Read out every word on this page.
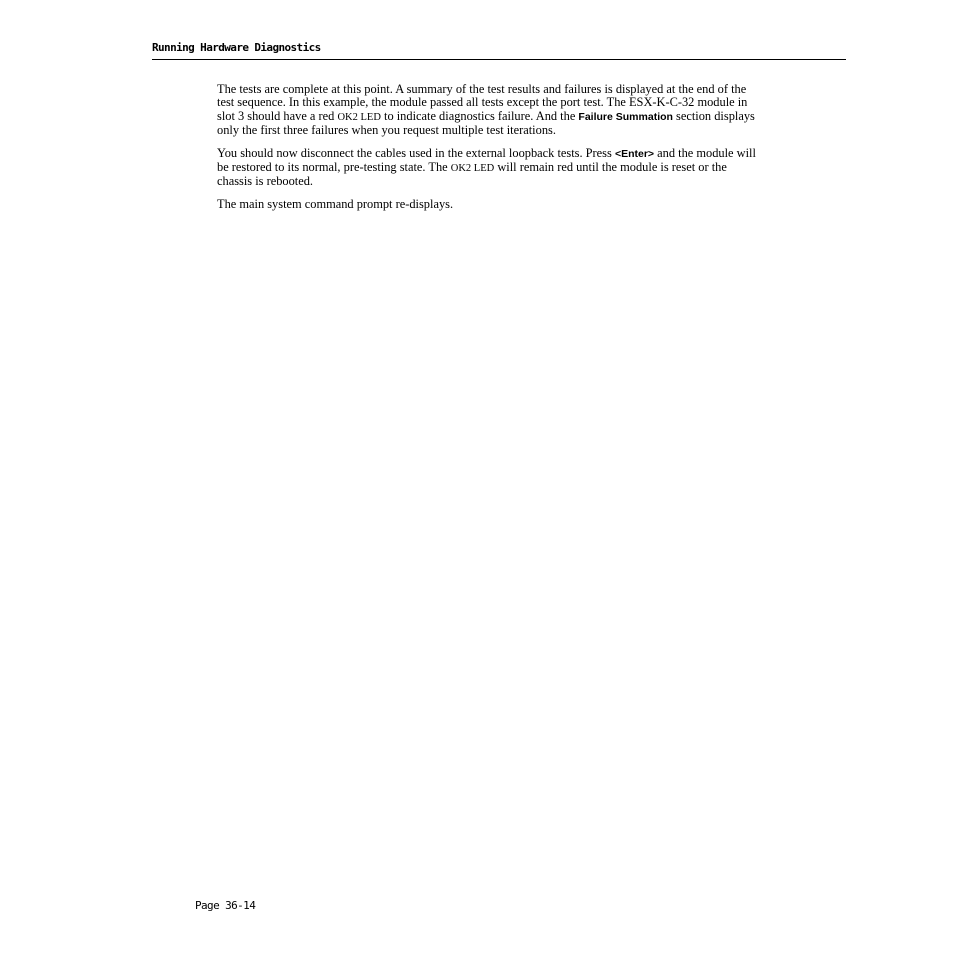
Running Hardware Diagnostics

The tests are complete at this point. A summary of the test results and failures is displayed at the end of the test sequence. In this example, the module passed all tests except the port test. The ESX-K-C-32 module in slot 3 should have a red OK2 LED to indicate diagnostics failure. And the Failure Summation section displays only the first three failures when you request multiple test iterations.

You should now disconnect the cables used in the external loopback tests. Press <Enter> and the module will be restored to its normal, pre-testing state. The OK2 LED will remain red until the module is reset or the chassis is rebooted.

The main system command prompt re-displays.

Page 36-14
